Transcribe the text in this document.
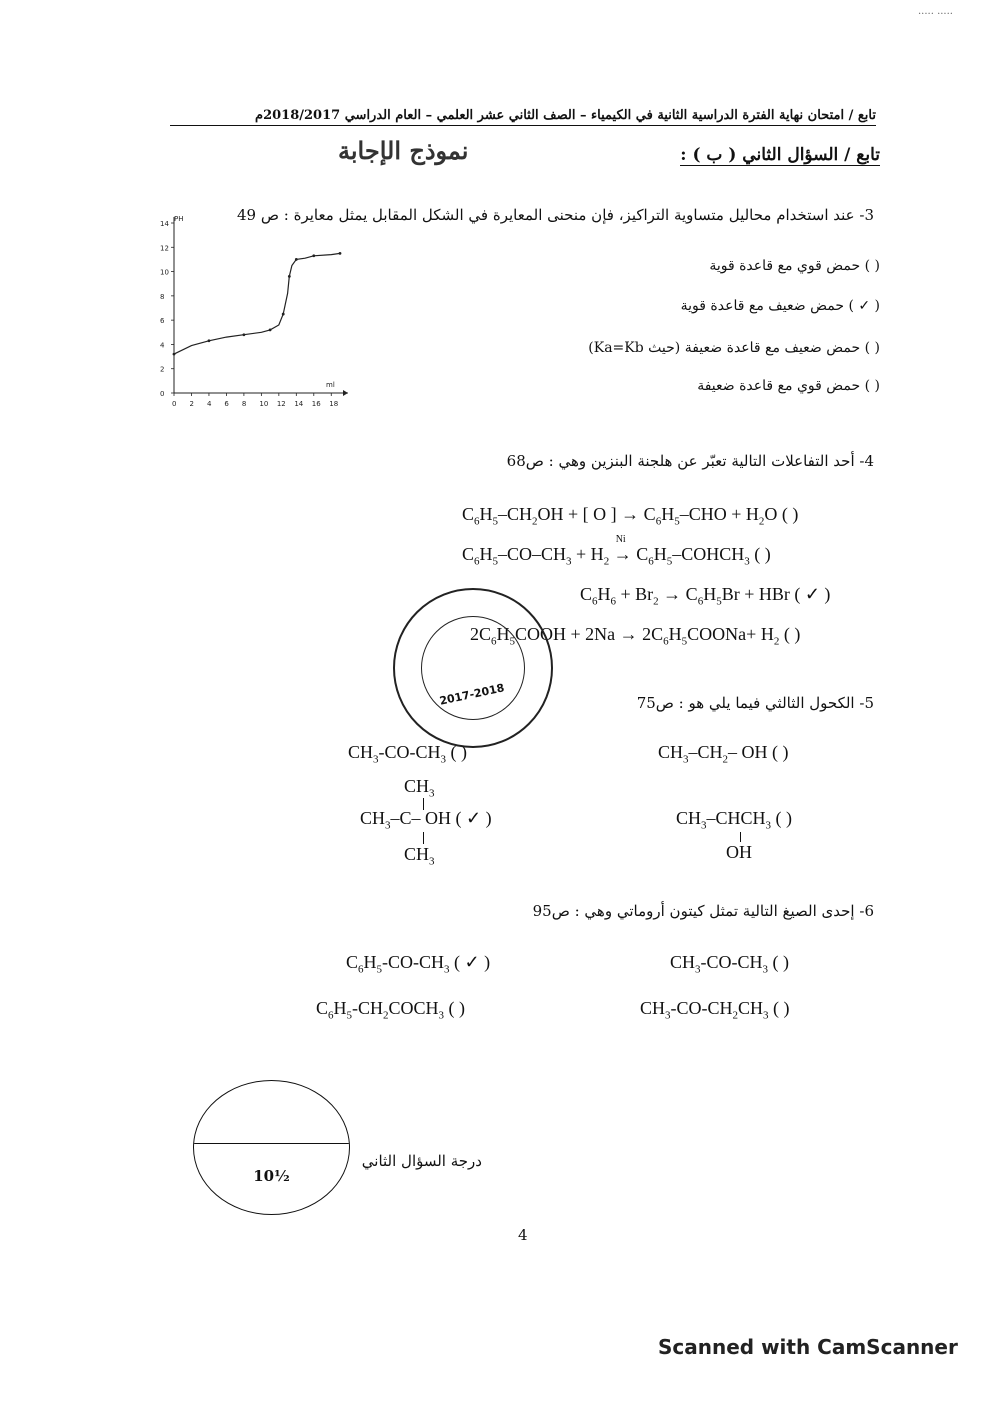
..... .....
تابع / امتحان نهاية الفترة الدراسية الثانية في الكيمياء – الصف الثاني عشر العلمي – العام الدراسي 2018/2017م
نموذج الإجابة	تابع / السؤال الثاني ( ب ) :
3- عند استخدام محاليل متساوية التراكيز، فإن منحنى المعايرة في الشكل المقابل يمثل معايرة : ص 49
0 2 4 6 8 10 12 14 16 18
0
2
4
6
8
10
12
14
PH
ml
( ) حمض قوي مع قاعدة قوية
( ✓ ) حمض ضعيف مع قاعدة قوية
( ) حمض ضعيف مع قاعدة ضعيفة (حيث Ka=Kb)
( ) حمض قوي مع قاعدة ضعيفة
4- أحد التفاعلات التالية تعبّر عن هلجنة البنزين وهي : ص68
$C_6H_5-CH_2OH$ + [ O ] → $C_6H_5$–CHO + $H_2O$ ( )
$C_6H_5-CO-CH_3 + H_2$ →
Ni
$C_6H_5-COHCH_3$ ( )
$C_6H_6 + Br_2 \to C_6H_5Br$ + HBr ( ✓ )
$2C_6H_5COOH + 2Na$ → $2C_6H_5COONa+ H_2$ ( )
2017-2018	5- الكحول الثالثي فيما يلي هو : ص75
$CH_3-CH_2-$ OH ( )
$CH_3-CO-CH_3$ ( )
$CH_3$
$CH_3-C-$ OH ( ✓ )
$CH_3$
$CH_3-CHCH_3$ ( )
OH
6- إحدى الصيغ التالية تمثل كيتون أروماتي وهي : ص95
$CH_3-CO-CH_3$ ( )
$C_6H_5-CO-CH_3$ ( ✓ )
$CH_3-CO-CH_2CH_3$ ( )
$C_6H_5-CH_2COCH_3$ ( )
10½
درجة السؤال الثاني
4
Scanned with CamScanner
